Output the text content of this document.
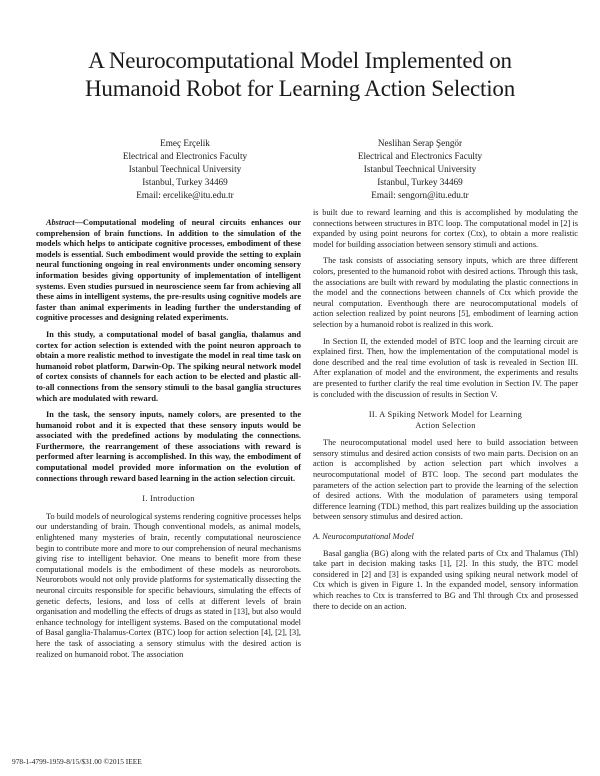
A Neurocomputational Model Implemented on Humanoid Robot for Learning Action Selection
Emeç Erçelik
Electrical and Electronics Faculty
Istanbul Teechnical University
Istanbul, Turkey 34469
Email: ercelike@itu.edu.tr
Neslihan Serap Şengör
Electrical and Electronics Faculty
Istanbul Teechnical University
Istanbul, Turkey 34469
Email: sengorn@itu.edu.tr

Abstract—Computational modeling of neural circuits enhances our comprehension of brain functions. In addition to the simulation of the models which helps to anticipate cognitive processes, embodiment of these models is essential. Such embodiment would provide the setting to explain neural functioning ongoing in real environments under oncoming sensory information besides giving opportunity of implementation of intelligent systems. Even studies pursued in neuroscience seem far from achieving all these aims in intelligent systems, the pre-results using cognitive models are faster than animal experiments in leading further the understanding of cognitive processes and designing related experiments.

In this study, a computational model of basal ganglia, thalamus and cortex for action selection is extended with the point neuron approach to obtain a more realistic method to investigate the model in real time task on humanoid robot platform, Darwin-Op. The spiking neural network model of cortex consists of channels for each action to be elected and plastic all-to-all connections from the sensory stimuli to the basal ganglia structures which are modulated with reward.

In the task, the sensory inputs, namely colors, are presented to the humanoid robot and it is expected that these sensory inputs would be associated with the predefined actions by modulating the connections. Furthermore, the rearrangement of these associations with reward is performed after learning is accomplished. In this way, the embodiment of computational model provided more information on the evolution of connections through reward based learning in the action selection circuit.

I. Introduction

To build models of neurological systems rendering cognitive processes helps our understanding of brain. Though conventional models, as animal models, enlightened many mysteries of brain, recently computational neuroscience begin to contribute more and more to our comprehension of neural mechanisms giving rise to intelligent behavior. One means to benefit more from these computational models is the embodiment of these models as neurorobots. Neurorobots would not only provide platforms for systematically dissecting the neuronal circuits responsible for specific behaviours, simulating the effects of genetic defects, lesions, and loss of cells at different levels of brain organisation and modelling the effects of drugs as stated in [13], but also would enhance technology for intelligent systems. Based on the computational model of Basal ganglia-Thalamus-Cortex (BTC) loop for action selection [4], [2], [3], here the task of associating a sensory stimulus with the desired action is realized on humanoid robot. The association

is built due to reward learning and this is accomplished by modulating the connections between structures in BTC loop. The computational model in [2] is expanded by using point neurons for cortex (Ctx), to obtain a more realistic model for building association between sensory stimuli and actions.

The task consists of associating sensory inputs, which are three different colors, presented to the humanoid robot with desired actions. Through this task, the associations are built with reward by modulating the plastic connections in the model and the connections between channels of Ctx which provide the neural computation. Eventhough there are neurocomputational models of action selection realized by point neurons [5], embodiment of learning action selection by a humanoid robot is realized in this work.

In Section II, the extended model of BTC loop and the learning circuit are explained first. Then, how the implementation of the computational model is done described and the real time evolution of task is revealed in Section III. After explanation of model and the environment, the experiments and results are presented to further clarify the real time evolution in Section IV. The paper is concluded with the discussion of results in Section V.

II. A Spiking Network Model for Learning
Action Selection

The neurocomputational model used here to build association between sensory stimulus and desired action consists of two main parts. Decision on an action is accomplished by action selection part which involves a neurocomputational model of BTC loop. The second part modulates the parameters of the action selection part to provide the learning of the selection of desired actions. With the modulation of parameters using temporal difference learning (TDL) method, this part realizes building up the association between sensory stimulus and desired action.

A. Neurocomputational Model

Basal ganglia (BG) along with the related parts of Ctx and Thalamus (Thl) take part in decision making tasks [1], [2]. In this study, the BTC model considered in [2] and [3] is expanded using spiking neural network model of Ctx which is given in Figure 1. In the expanded model, sensory information which reaches to Ctx is transferred to BG and Thl through Ctx and prosessed there to decide on an action.

978-1-4799-1959-8/15/$31.00 ©2015 IEEE
